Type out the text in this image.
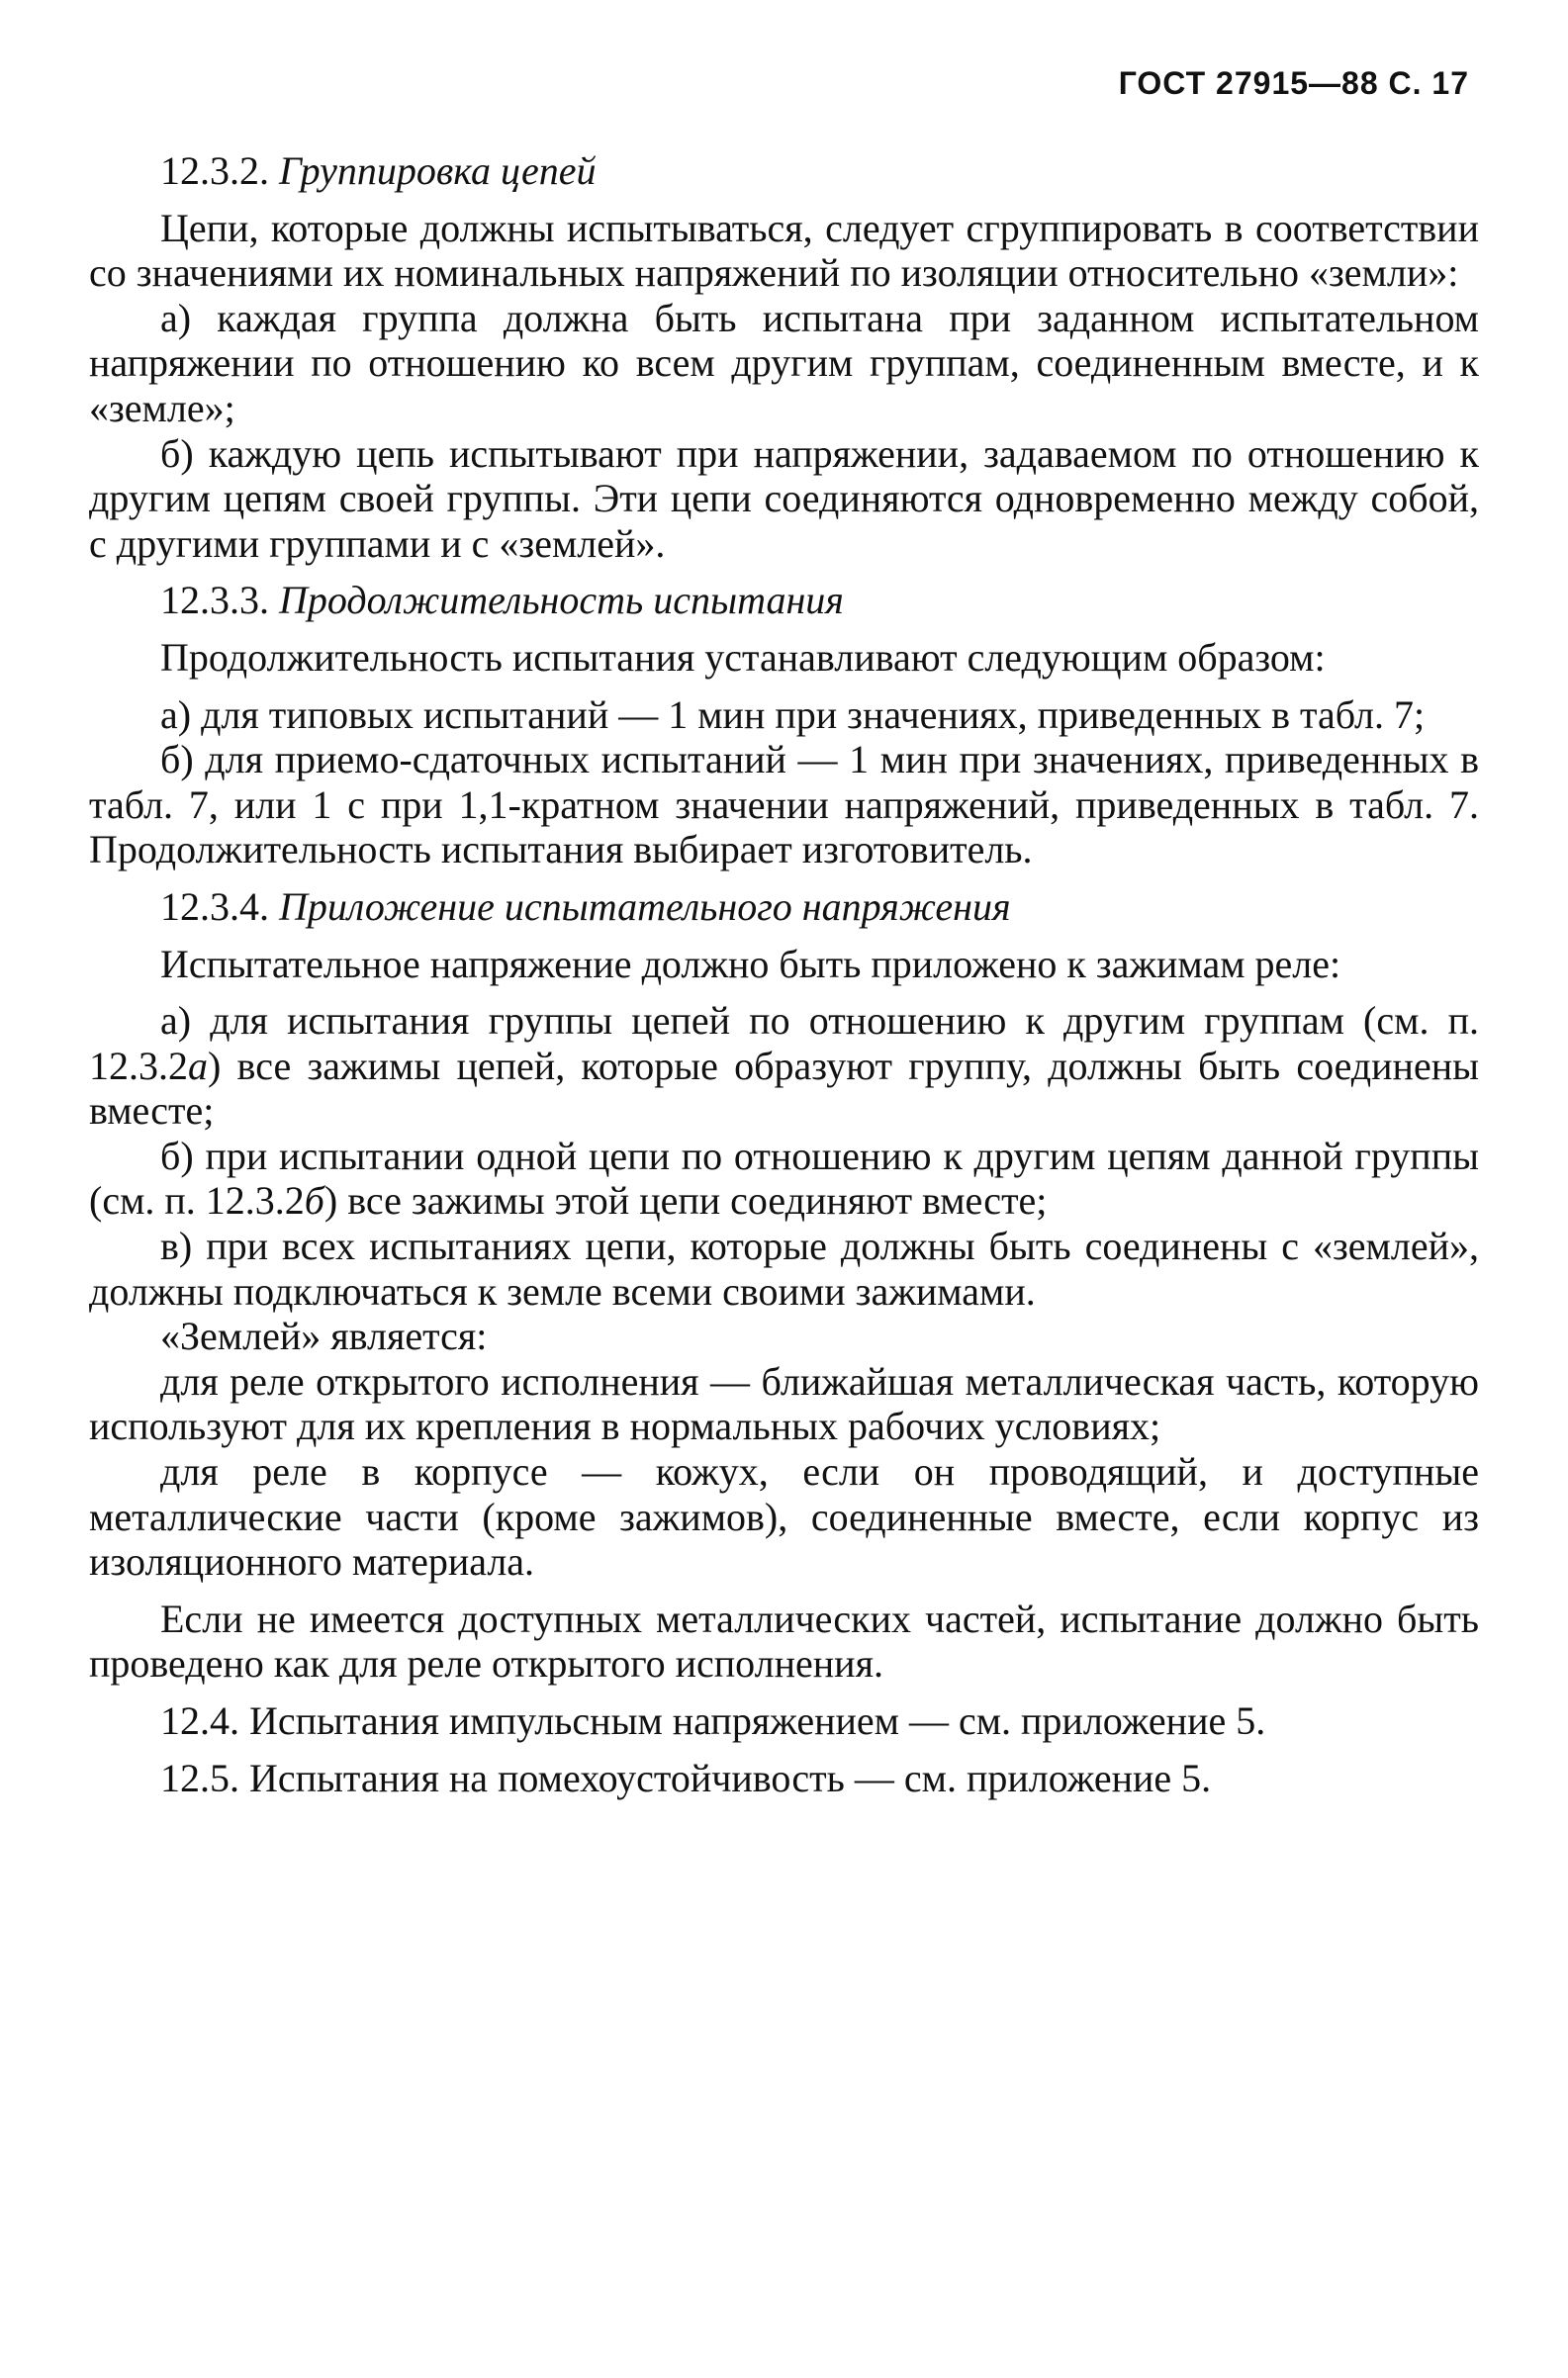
ГОСТ 27915—88 С. 17

12.3.2. Группировка цепей

Цепи, которые должны испытываться, следует сгруппировать в соответствии со значениями их номинальных напряжений по изоляции относительно «земли»:

а) каждая группа должна быть испытана при заданном испытательном напряжении по отношению ко всем другим группам, соединенным вместе, и к «земле»;

б) каждую цепь испытывают при напряжении, задаваемом по отношению к другим цепям своей группы. Эти цепи соединяются одновременно между собой, с другими группами и с «землей».

12.3.3. Продолжительность испытания

Продолжительность испытания устанавливают следующим образом:

а) для типовых испытаний — 1 мин при значениях, приведенных в табл. 7;

б) для приемо-сдаточных испытаний — 1 мин при значениях, приведенных в табл. 7, или 1 с при 1,1-кратном значении напряжений, приведенных в табл. 7. Продолжительность испытания выбирает изготовитель.

12.3.4. Приложение испытательного напряжения

Испытательное напряжение должно быть приложено к зажимам реле:

а) для испытания группы цепей по отношению к другим группам (см. п. 12.3.2а) все зажимы цепей, которые образуют группу, должны быть соединены вместе;

б) при испытании одной цепи по отношению к другим цепям данной группы (см. п. 12.3.2б) все зажимы этой цепи соединяют вместе;

в) при всех испытаниях цепи, которые должны быть соединены с «землей», должны подключаться к земле всеми своими зажимами.

«Землей» является:

для реле открытого исполнения — ближайшая металлическая часть, которую используют для их крепления в нормальных рабочих условиях;

для реле в корпусе — кожух, если он проводящий, и доступные металлические части (кроме зажимов), соединенные вместе, если корпус из изоляционного материала.

Если не имеется доступных металлических частей, испытание должно быть проведено как для реле открытого исполнения.

12.4. Испытания импульсным напряжением — см. приложение 5.

12.5. Испытания на помехоустойчивость — см. приложение 5.
